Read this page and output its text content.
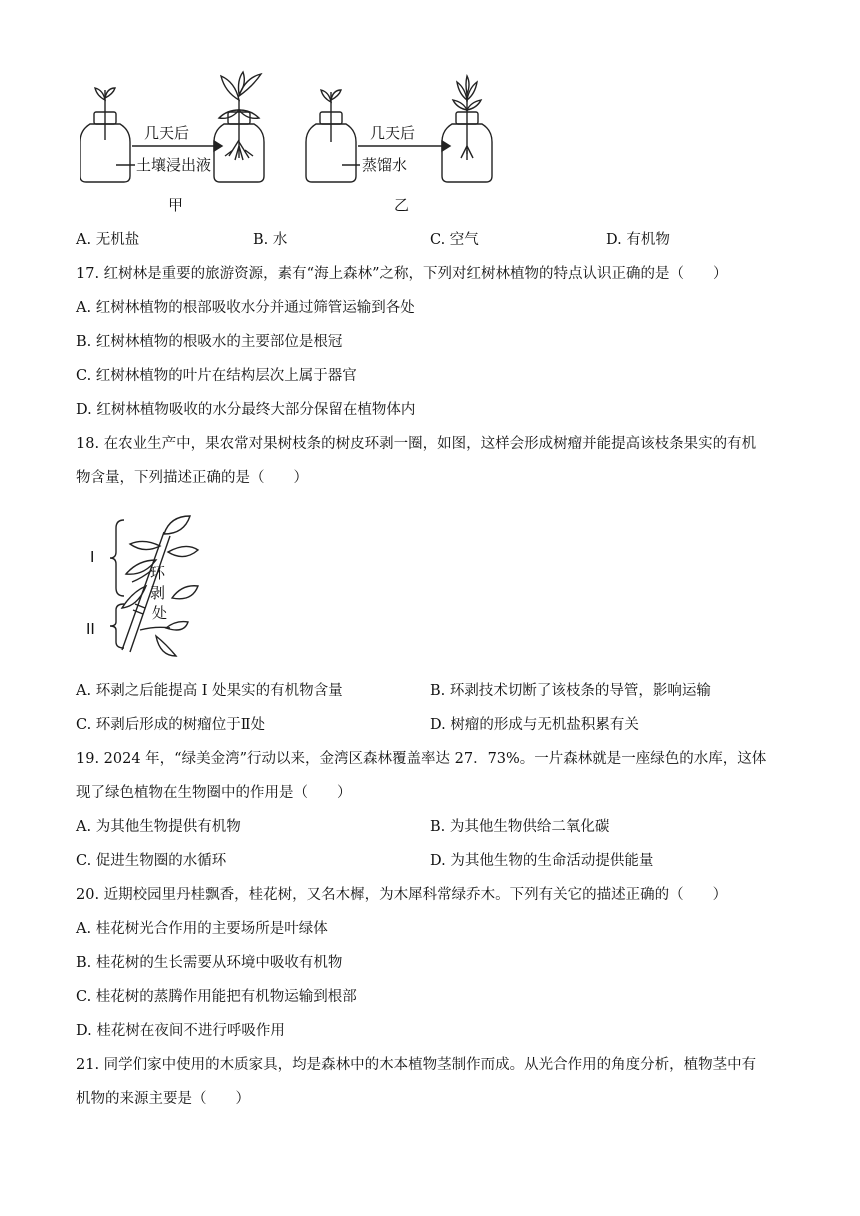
几天后
土壤浸出液
几天后
蒸馏水
甲	乙
A. 无机盐	B. 水	C. 空气	D. 有机物
17. 红树林是重要的旅游资源，素有“海上森林”之称，下列对红树林植物的特点认识正确的是（　　）
A. 红树林植物的根部吸收水分并通过筛管运输到各处
B. 红树林植物的根吸水的主要部位是根冠
C. 红树林植物的叶片在结构层次上属于器官
D. 红树林植物吸收的水分最终大部分保留在植物体内
18. 在农业生产中，果农常对果树枝条的树皮环剥一圈，如图，这样会形成树瘤并能提高该枝条果实的有机
物含量，下列描述正确的是（　　）
I
II
环
剥
处
A. 环剥之后能提高 I 处果实的有机物含量	B. 环剥技术切断了该枝条的导管，影响运输
C. 环剥后形成的树瘤位于Ⅱ处	D. 树瘤的形成与无机盐积累有关
19. 2024 年，“绿美金湾”行动以来，金湾区森林覆盖率达 27．73%。一片森林就是一座绿色的水库，这体
现了绿色植物在生物圈中的作用是（　　）
A. 为其他生物提供有机物	B. 为其他生物供给二氧化碳
C. 促进生物圈的水循环	D. 为其他生物的生命活动提供能量
20. 近期校园里丹桂飘香，桂花树，又名木樨，为木犀科常绿乔木。下列有关它的描述正确的（　　）
A. 桂花树光合作用的主要场所是叶绿体
B. 桂花树的生长需要从环境中吸收有机物
C. 桂花树的蒸腾作用能把有机物运输到根部
D. 桂花树在夜间不进行呼吸作用
21. 同学们家中使用的木质家具，均是森林中的木本植物茎制作而成。从光合作用的角度分析，植物茎中有
机物的来源主要是（　　）
